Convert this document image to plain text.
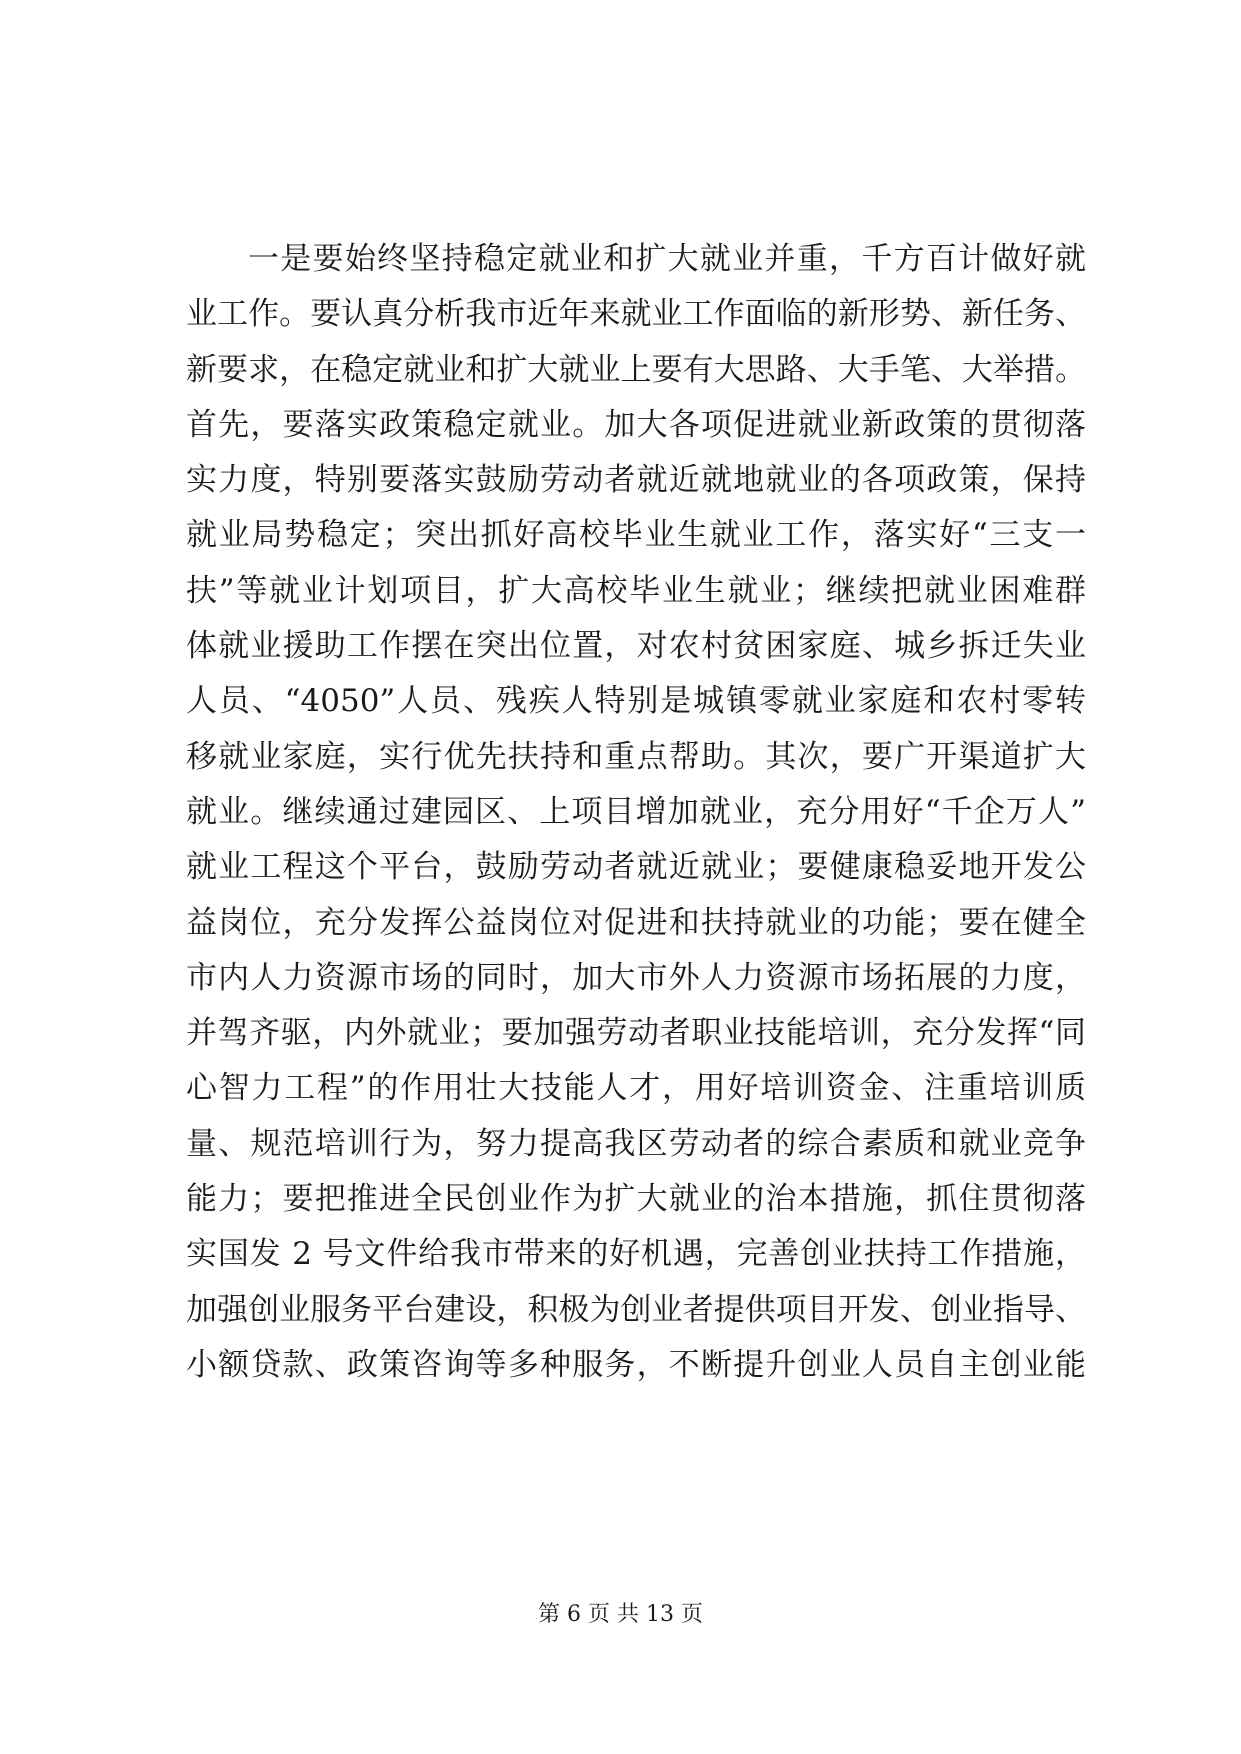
一是要始终坚持稳定就业和扩大就业并重，千方百计做好就
业工作。要认真分析我市近年来就业工作面临的新形势、新任务、
新要求，在稳定就业和扩大就业上要有大思路、大手笔、大举措。
首先，要落实政策稳定就业。加大各项促进就业新政策的贯彻落
实力度，特别要落实鼓励劳动者就近就地就业的各项政策，保持
就业局势稳定；突出抓好高校毕业生就业工作，落实好“三支一
扶”等就业计划项目，扩大高校毕业生就业；继续把就业困难群
体就业援助工作摆在突出位置，对农村贫困家庭、城乡拆迁失业
人员、“4050”人员、残疾人特别是城镇零就业家庭和农村零转
移就业家庭，实行优先扶持和重点帮助。其次，要广开渠道扩大
就业。继续通过建园区、上项目增加就业，充分用好“千企万人”
就业工程这个平台，鼓励劳动者就近就业；要健康稳妥地开发公
益岗位，充分发挥公益岗位对促进和扶持就业的功能；要在健全
市内人力资源市场的同时，加大市外人力资源市场拓展的力度，
并驾齐驱，内外就业；要加强劳动者职业技能培训，充分发挥“同
心智力工程”的作用壮大技能人才，用好培训资金、注重培训质
量、规范培训行为，努力提高我区劳动者的综合素质和就业竞争
能力；要把推进全民创业作为扩大就业的治本措施，抓住贯彻落
实国发 2 号文件给我市带来的好机遇，完善创业扶持工作措施，
加强创业服务平台建设，积极为创业者提供项目开发、创业指导、
小额贷款、政策咨询等多种服务，不断提升创业人员自主创业能
第 6 页 共 13 页
